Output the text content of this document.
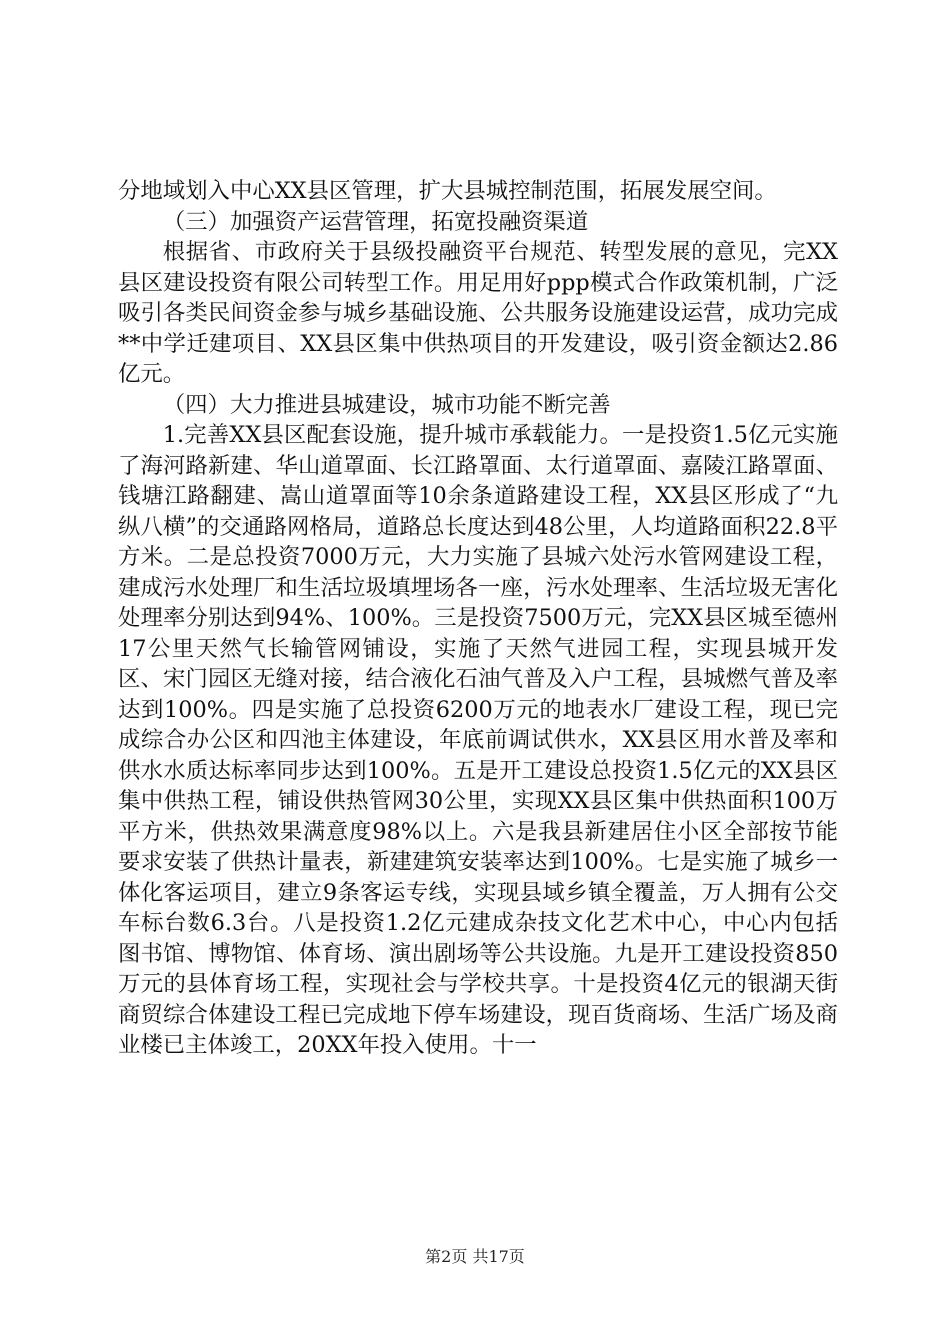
分地域划入中心XX县区管理，扩大县城控制范围，拓展发展空间。

（三）加强资产运营管理，拓宽投融资渠道

根据省、市政府关于县级投融资平台规范、转型发展的意见，完XX县区建设投资有限公司转型工作。用足用好ppp模式合作政策机制，广泛吸引各类民间资金参与城乡基础设施、公共服务设施建设运营，成功完成**中学迁建项目、XX县区集中供热项目的开发建设，吸引资金额达2.86亿元。

（四）大力推进县城建设，城市功能不断完善

1.完善XX县区配套设施，提升城市承载能力。一是投资1.5亿元实施了海河路新建、华山道罩面、长江路罩面、太行道罩面、嘉陵江路罩面、钱塘江路翻建、嵩山道罩面等10余条道路建设工程，XX县区形成了“九纵八横”的交通路网格局，道路总长度达到48公里，人均道路面积22.8平方米。二是总投资7000万元，大力实施了县城六处污水管网建设工程，建成污水处理厂和生活垃圾填埋场各一座，污水处理率、生活垃圾无害化处理率分别达到94%、100%。三是投资7500万元，完XX县区城至德州17公里天然气长输管网铺设，实施了天然气进园工程，实现县城开发区、宋门园区无缝对接，结合液化石油气普及入户工程，县城燃气普及率达到100%。四是实施了总投资6200万元的地表水厂建设工程，现已完成综合办公区和四池主体建设，年底前调试供水，XX县区用水普及率和供水水质达标率同步达到100%。五是开工建设总投资1.5亿元的XX县区集中供热工程，铺设供热管网30公里，实现XX县区集中供热面积100万平方米，供热效果满意度98%以上。六是我县新建居住小区全部按节能要求安装了供热计量表，新建建筑安装率达到100%。七是实施了城乡一体化客运项目，建立9条客运专线，实现县域乡镇全覆盖，万人拥有公交车标台数6.3台。八是投资1.2亿元建成杂技文化艺术中心，中心内包括图书馆、博物馆、体育场、演出剧场等公共设施。九是开工建设投资850万元的县体育场工程，实现社会与学校共享。十是投资4亿元的银湖天街商贸综合体建设工程已完成地下停车场建设，现百货商场、生活广场及商业楼已主体竣工，20XX年投入使用。十一

第2页 共17页
